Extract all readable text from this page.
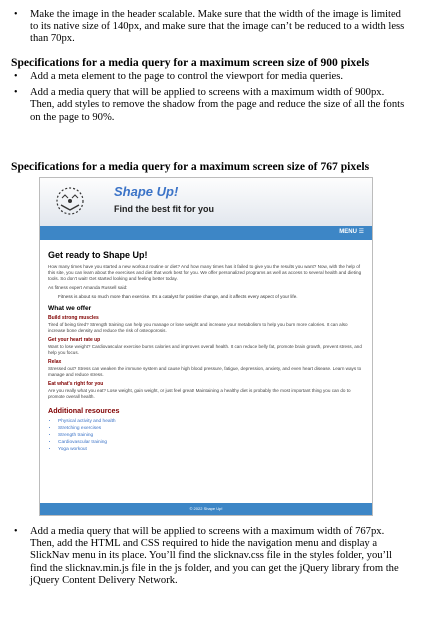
• Make the image in the header scalable. Make sure that the width of the image is limited to its native size of 140px, and make sure that the image can’t be reduced to a width less than 70px.
Specifications for a media query for a maximum screen size of 900 pixels
• Add a meta element to the page to control the viewport for media queries.
• Add a media query that will be applied to screens with a maximum width of 900px. Then, add styles to remove the shadow from the page and reduce the size of all the fonts on the page to 90%.
Specifications for a media query for a maximum screen size of 767 pixels
Shape Up!
Find the best fit for you
MENU ☰
Get ready to Shape Up!

How many times have you started a new workout routine or diet? And how many times has it failed to give you the results you want? Now, with the help of this site, you can learn about the exercises and diet that work best for you. We offer personalized programs as well as access to several health and dieting tools. So don't wait! Get started looking and feeling better today.

As fitness expert Amanda Russell said:

Fitness is about so much more than exercise. It's a catalyst for positive change, and it affects every aspect of your life.
What we offer
Build strong muscles

Tired of being tired? Strength training can help you manage or lose weight and increase your metabolism to help you burn more calories. It can also increase bone density and reduce the risk of osteoporosis.

Get your heart rate up

Want to lose weight? Cardiovascular exercise burns calories and improves overall health. It can reduce belly fat, promote brain growth, prevent stress, and help you focus.

Relax

Stressed out? Stress can weaken the immune system and cause high blood pressure, fatigue, depression, anxiety, and even heart disease. Learn ways to manage and reduce stress.

Eat what's right for you

Are you really what you eat? Lose weight, gain weight, or just feel great! Maintaining a healthy diet is probably the most important thing you can do to promote overall health.

Additional resources
• Physical activity and health
• Stretching exercises
• Strength training
• Cardiovascular training
• Yoga workout
© 2022 Shape Up!
• Add a media query that will be applied to screens with a maximum width of 767px. Then, add the HTML and CSS required to hide the navigation menu and display a SlickNav menu in its place. You’ll find the slicknav.css file in the styles folder, you’ll find the slicknav.min.js file in the js folder, and you can get the jQuery library from the jQuery Content Delivery Network.
